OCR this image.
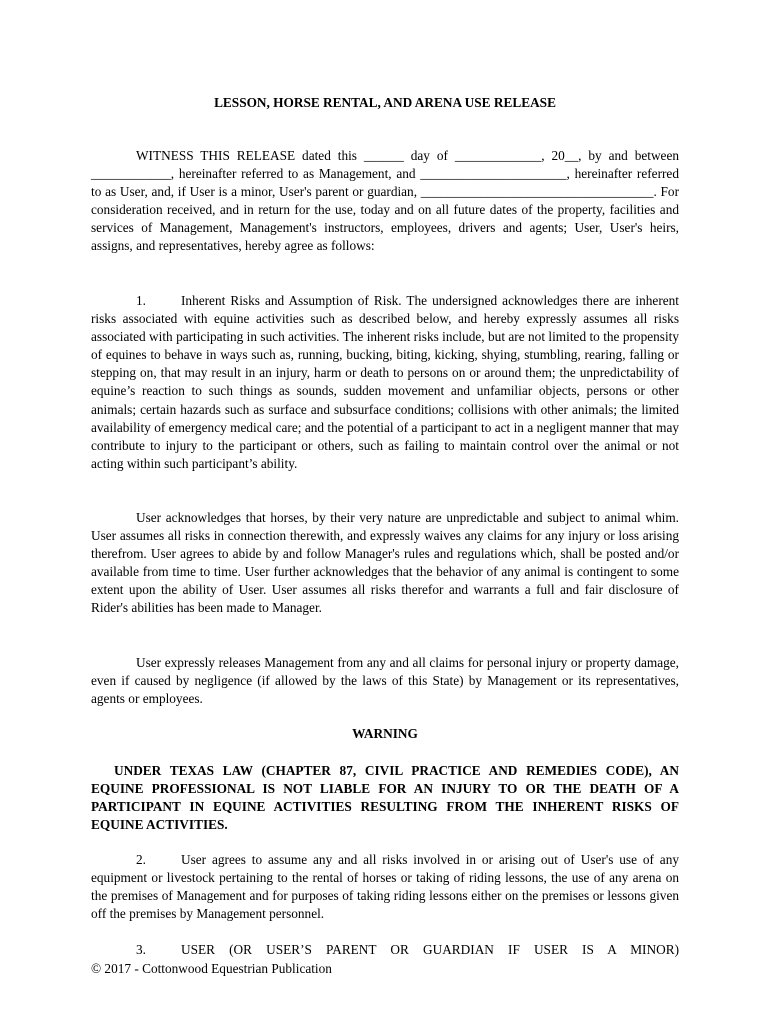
LESSON, HORSE RENTAL, AND ARENA USE RELEASE

WITNESS THIS RELEASE dated this ______ day of _____________, 20__, by and between ____________, hereinafter referred to as Management, and ______________________, hereinafter referred to as User, and, if User is a minor, User's parent or guardian, ___________________________________. For consideration received, and in return for the use, today and on all future dates of the property, facilities and services of Management, Management's instructors, employees, drivers and agents; User, User's heirs, assigns, and representatives, hereby agree as follows:

1.	Inherent Risks and Assumption of Risk. The undersigned acknowledges there are inherent risks associated with equine activities such as described below, and hereby expressly assumes all risks associated with participating in such activities. The inherent risks include, but are not limited to the propensity of equines to behave in ways such as, running, bucking, biting, kicking, shying, stumbling, rearing, falling or stepping on, that may result in an injury, harm or death to persons on or around them; the unpredictability of equine’s reaction to such things as sounds, sudden movement and unfamiliar objects, persons or other animals; certain hazards such as surface and subsurface conditions; collisions with other animals; the limited availability of emergency medical care; and the potential of a participant to act in a negligent manner that may contribute to injury to the participant or others, such as failing to maintain control over the animal or not acting within such participant’s ability.

User acknowledges that horses, by their very nature are unpredictable and subject to animal whim. User assumes all risks in connection therewith, and expressly waives any claims for any injury or loss arising therefrom. User agrees to abide by and follow Manager's rules and regulations which, shall be posted and/or available from time to time. User further acknowledges that the behavior of any animal is contingent to some extent upon the ability of User. User assumes all risks therefor and warrants a full and fair disclosure of Rider's abilities has been made to Manager.

User expressly releases Management from any and all claims for personal injury or property damage, even if caused by negligence (if allowed by the laws of this State) by Management or its representatives, agents or employees.

WARNING

UNDER TEXAS LAW (CHAPTER 87, CIVIL PRACTICE AND REMEDIES CODE), AN EQUINE PROFESSIONAL IS NOT LIABLE FOR AN INJURY TO OR THE DEATH OF A PARTICIPANT IN EQUINE ACTIVITIES RESULTING FROM THE INHERENT RISKS OF EQUINE ACTIVITIES.

2.	User agrees to assume any and all risks involved in or arising out of User's use of any equipment or livestock pertaining to the rental of horses or taking of riding lessons, the use of any arena on the premises of Management and for purposes of taking riding lessons either on the premises or lessons given off the premises by Management personnel.

3.	USER (OR USER’S PARENT OR GUARDIAN IF USER IS A MINOR)

© 2017 - Cottonwood Equestrian Publication
